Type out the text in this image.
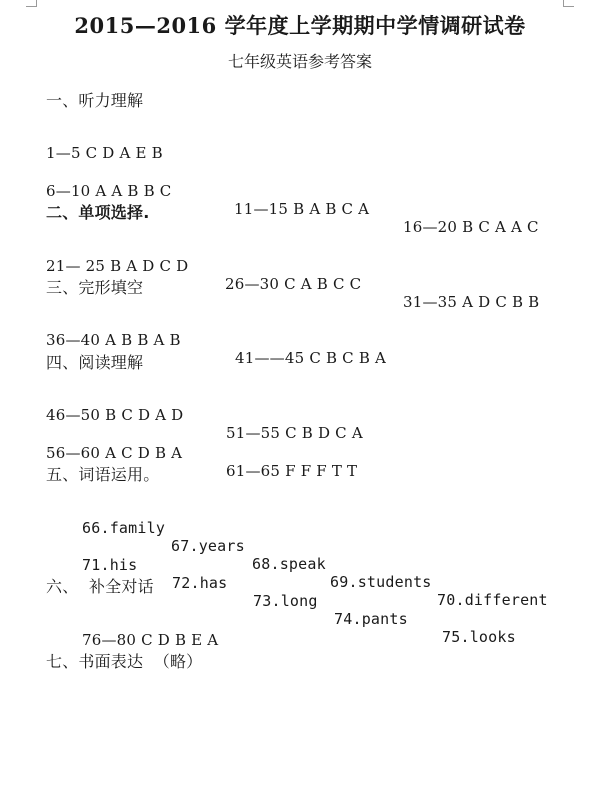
2015—2016 学年度上学期期中学情调研试卷
七年级英语参考答案
一、听力理解

1—5 C D A E B

6—10 A A B B C

11—15 B A B C A

16—20 B C A A C

二、单项选择.

21— 25 B A D C D

26—30 C A B C C

31—35 A D C B B

三、完形填空

36—40 A B B A B

41——45 C B C B A

四、阅读理解

46—50 B C D A D

51—55 C B D C A

56—60 A C D B A

61—65 F F F T T

五、词语运用。

66.family

67.years

68.speak

69.students

70.different

71.his

72.has

73.long

74.pants

75.looks

六、  补全对话

76—80 C D B E A

七、书面表达  （略）
